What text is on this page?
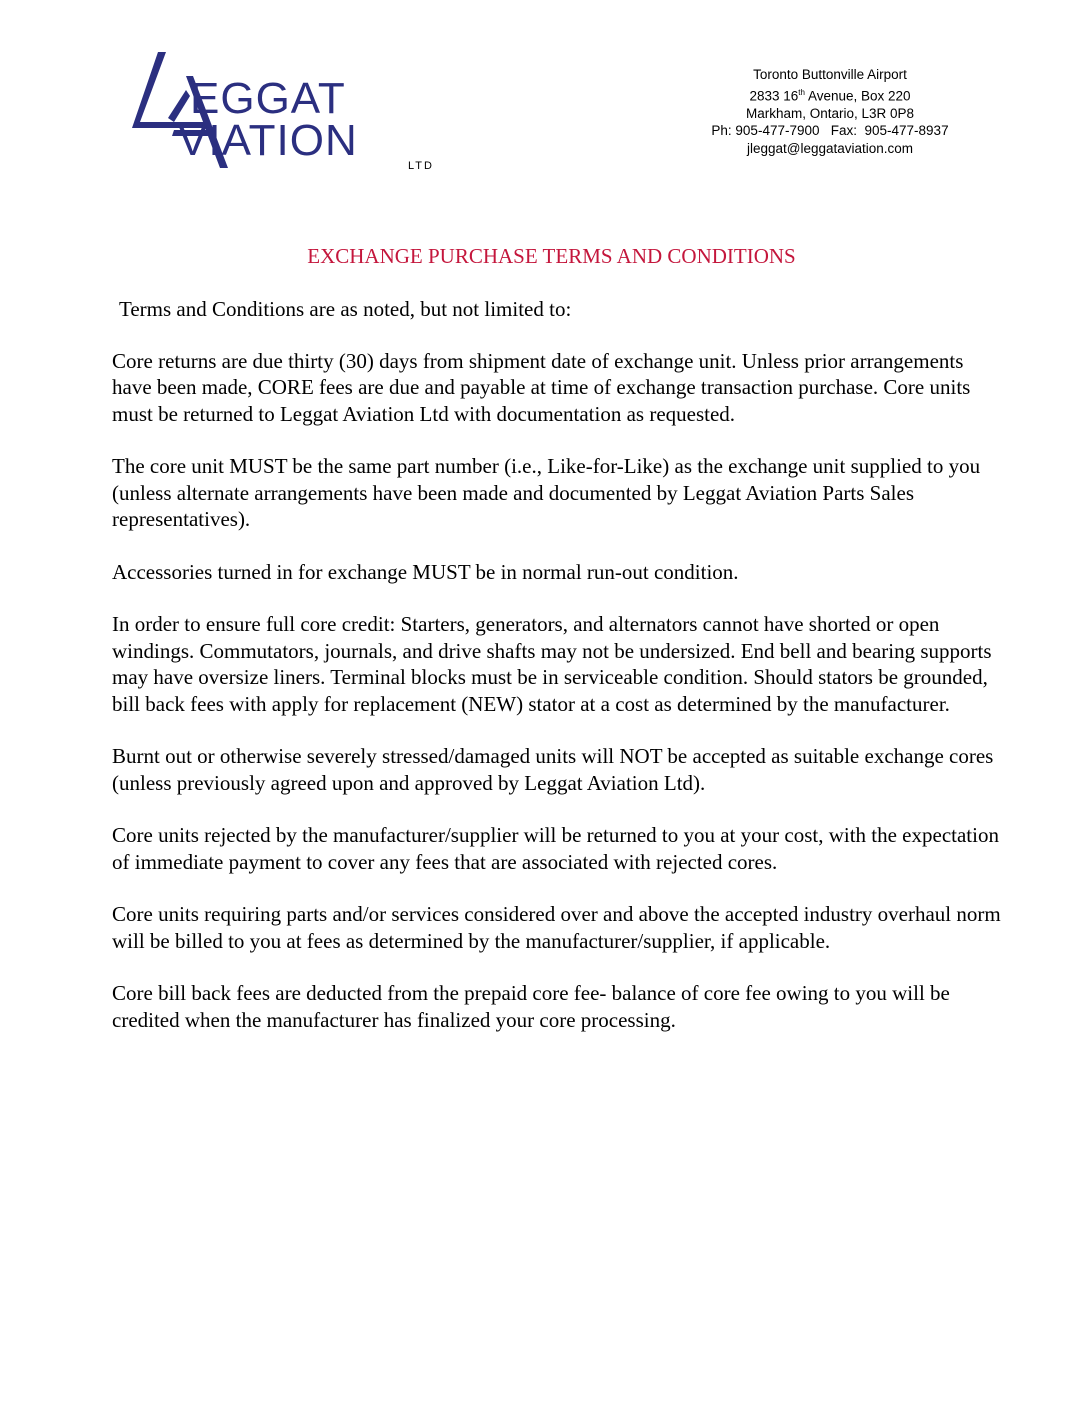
EGGAT
VIATION
LTD
Toronto Buttonville Airport
2833 16th Avenue, Box 220
Markham, Ontario, L3R 0P8
Ph: 905-477-7900   Fax:  905-477-8937
jleggat@leggataviation.com
EXCHANGE PURCHASE TERMS AND CONDITIONS

Terms and Conditions are as noted, but not limited to:

Core returns are due thirty (30) days from shipment date of exchange unit. Unless prior arrangements have been made, CORE fees are due and payable at time of exchange transaction purchase. Core units must be returned to Leggat Aviation Ltd with documentation as requested.

The core unit MUST be the same part number (i.e., Like-for-Like) as the exchange unit supplied to you (unless alternate arrangements have been made and documented by Leggat Aviation Parts Sales representatives).

Accessories turned in for exchange MUST be in normal run-out condition.

In order to ensure full core credit: Starters, generators, and alternators cannot have shorted or open windings. Commutators, journals, and drive shafts may not be undersized. End bell and bearing supports may have oversize liners. Terminal blocks must be in serviceable condition. Should stators be grounded, bill back fees with apply for replacement (NEW) stator at a cost as determined by the manufacturer.

Burnt out or otherwise severely stressed/damaged units will NOT be accepted as suitable exchange cores (unless previously agreed upon and approved by Leggat Aviation Ltd).

Core units rejected by the manufacturer/supplier will be returned to you at your cost, with the expectation of immediate payment to cover any fees that are associated with rejected cores.

Core units requiring parts and/or services considered over and above the accepted industry overhaul norm will be billed to you at fees as determined by the manufacturer/supplier, if applicable.

Core bill back fees are deducted from the prepaid core fee- balance of core fee owing to you will be credited when the manufacturer has finalized your core processing.
